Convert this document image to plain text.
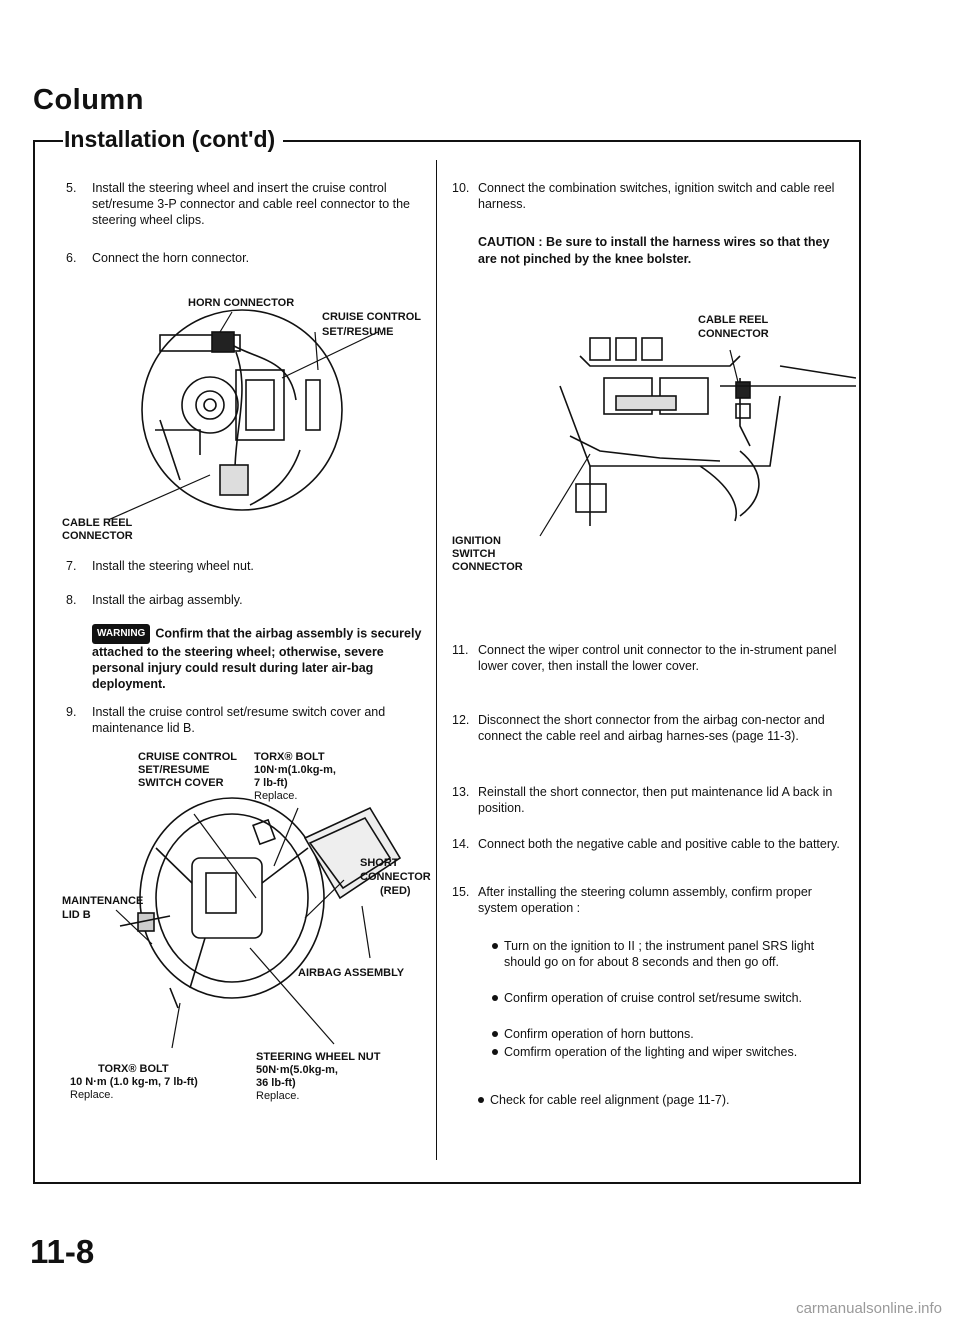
Column
Installation (cont'd)
5. Install the steering wheel and insert the cruise control set/resume 3-P connector and cable reel connector to the steering wheel clips.
6. Connect the horn connector.
HORN CONNECTOR
CRUISE CONTROL
SET/RESUME
CABLE REEL
CONNECTOR
7. Install the steering wheel nut.
8. Install the airbag assembly.
WARNING Confirm that the airbag assembly is securely attached to the steering wheel; otherwise, severe personal injury could result during later air-bag deployment.
9. Install the cruise control set/resume switch cover and maintenance lid B.
CRUISE CONTROL
SET/RESUME
SWITCH COVER
TORX® BOLT
10N·m(1.0kg-m,
7 lb-ft)
Replace.
SHORT
CONNECTOR
(RED)
MAINTENANCE
LID B
AIRBAG ASSEMBLY
TORX® BOLT
10 N·m (1.0 kg-m, 7 lb-ft)
Replace.
STEERING WHEEL NUT
50N·m(5.0kg-m,
36 lb-ft)
Replace.
10. Connect the combination switches, ignition switch and cable reel harness.
CAUTION : Be sure to install the harness wires so that they are not pinched by the knee bolster.
CABLE REEL
CONNECTOR
IGNITION
SWITCH
CONNECTOR
11. Connect the wiper control unit connector to the in-strument panel lower cover, then install the lower cover.
12. Disconnect the short connector from the airbag con-nector and connect the cable reel and airbag harnes-ses (page 11-3).
13. Reinstall the short connector, then put maintenance lid A back in position.
14. Connect both the negative cable and positive cable to the battery.
15. After installing the steering column assembly, confirm proper system operation :
Turn on the ignition to II ; the instrument panel SRS light should go on for about 8 seconds and then go off.
Confirm operation of cruise control set/resume switch.
Confirm operation of horn buttons.
Comfirm operation of the lighting and wiper switches.
Check for cable reel alignment (page 11-7).
11-8
carmanualsonline.info
